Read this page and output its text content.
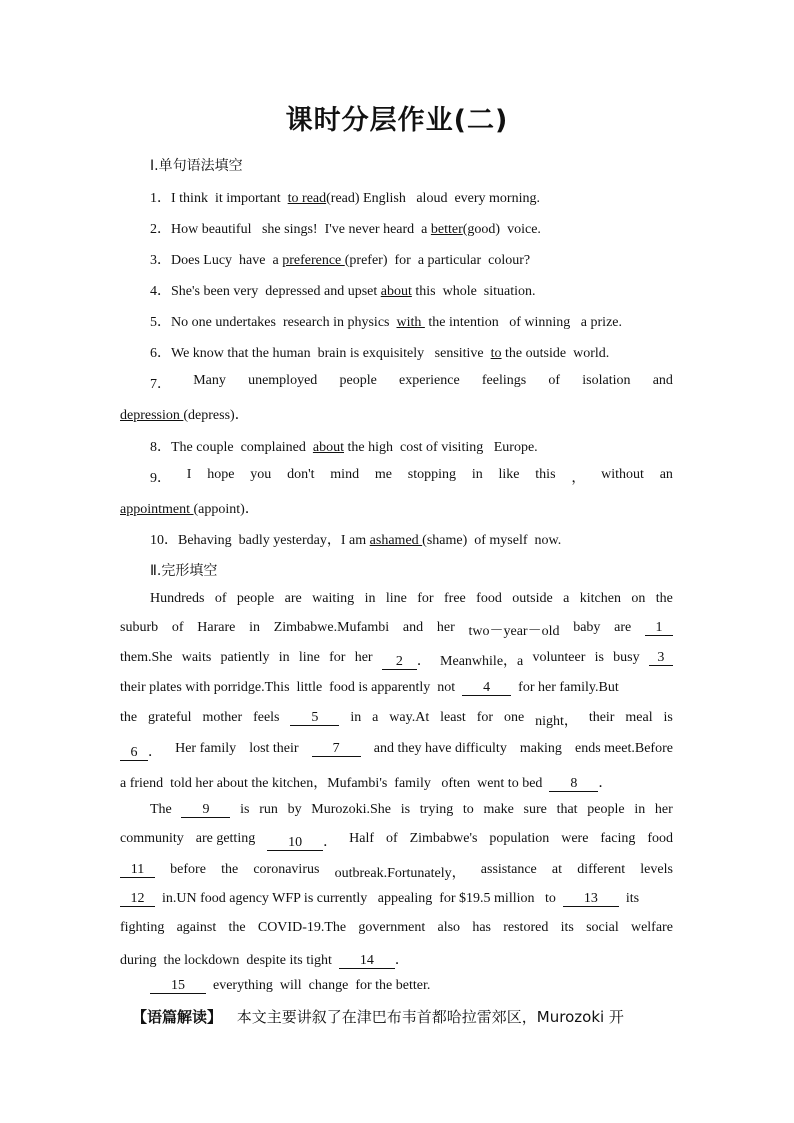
课时分层作业(二)
Ⅰ.单句语法填空
1．I think  it important  to read(read) English   aloud  every morning.
2．How beautiful   she sings!  I've never heard  a better(good)  voice.
3．Does Lucy  have  a preference (prefer)  for  a particular  colour?
4．She's been very  depressed and upset about this  whole  situation.
5．No one undertakes  research in physics  with  the intention   of winning   a prize.
6．We know that the human  brain is exquisitely   sensitive  to the outside  world.
7． Many unemployed people experience feelings of isolation and
depression (depress)．
8．The couple  complained  about the high  cost of visiting   Europe.
9． I hope you don't mind me stopping in like this ， without an
appointment (appoint)．
10．Behaving  badly yesterday，I am ashamed (shame)  of myself  now.
Ⅱ.完形填空
Hundreds of people are waiting in line for free food outside a kitchen on the
suburb of Harare in Zimbabwe.Mufambi and her two－year－old baby are	1
them.She waits patiently in line for her	2 ． Meanwhile，a volunteer is busy	3
their plates with porridge.This  little  food is apparently  not 4 for her family.But
the grateful mother feels	5	in a way.At least for one night， their meal is
6 ． Her family lost their	7	and they have difficulty making ends meet.Before
a friend  told her about the kitchen，Mufambi's  family   often  went to bed 8 ．
The	9	is run by Murozoki.She is trying to make sure that people in her
community are getting	10 ． Half of Zimbabwe's population were facing food
11	before the coronavirus outbreak.Fortunately， assistance at different levels
12  in.UN food agency WFP is currently   appealing  for $19.5 million   to 13 its
fighting against the COVID-19.The government also has restored its social welfare
during  the lockdown  despite its tight 14 ．
15 everything will change for the better.
【语篇解读】 本文主要讲叙了在津巴布韦首都哈拉雷郊区，Murozoki 开
